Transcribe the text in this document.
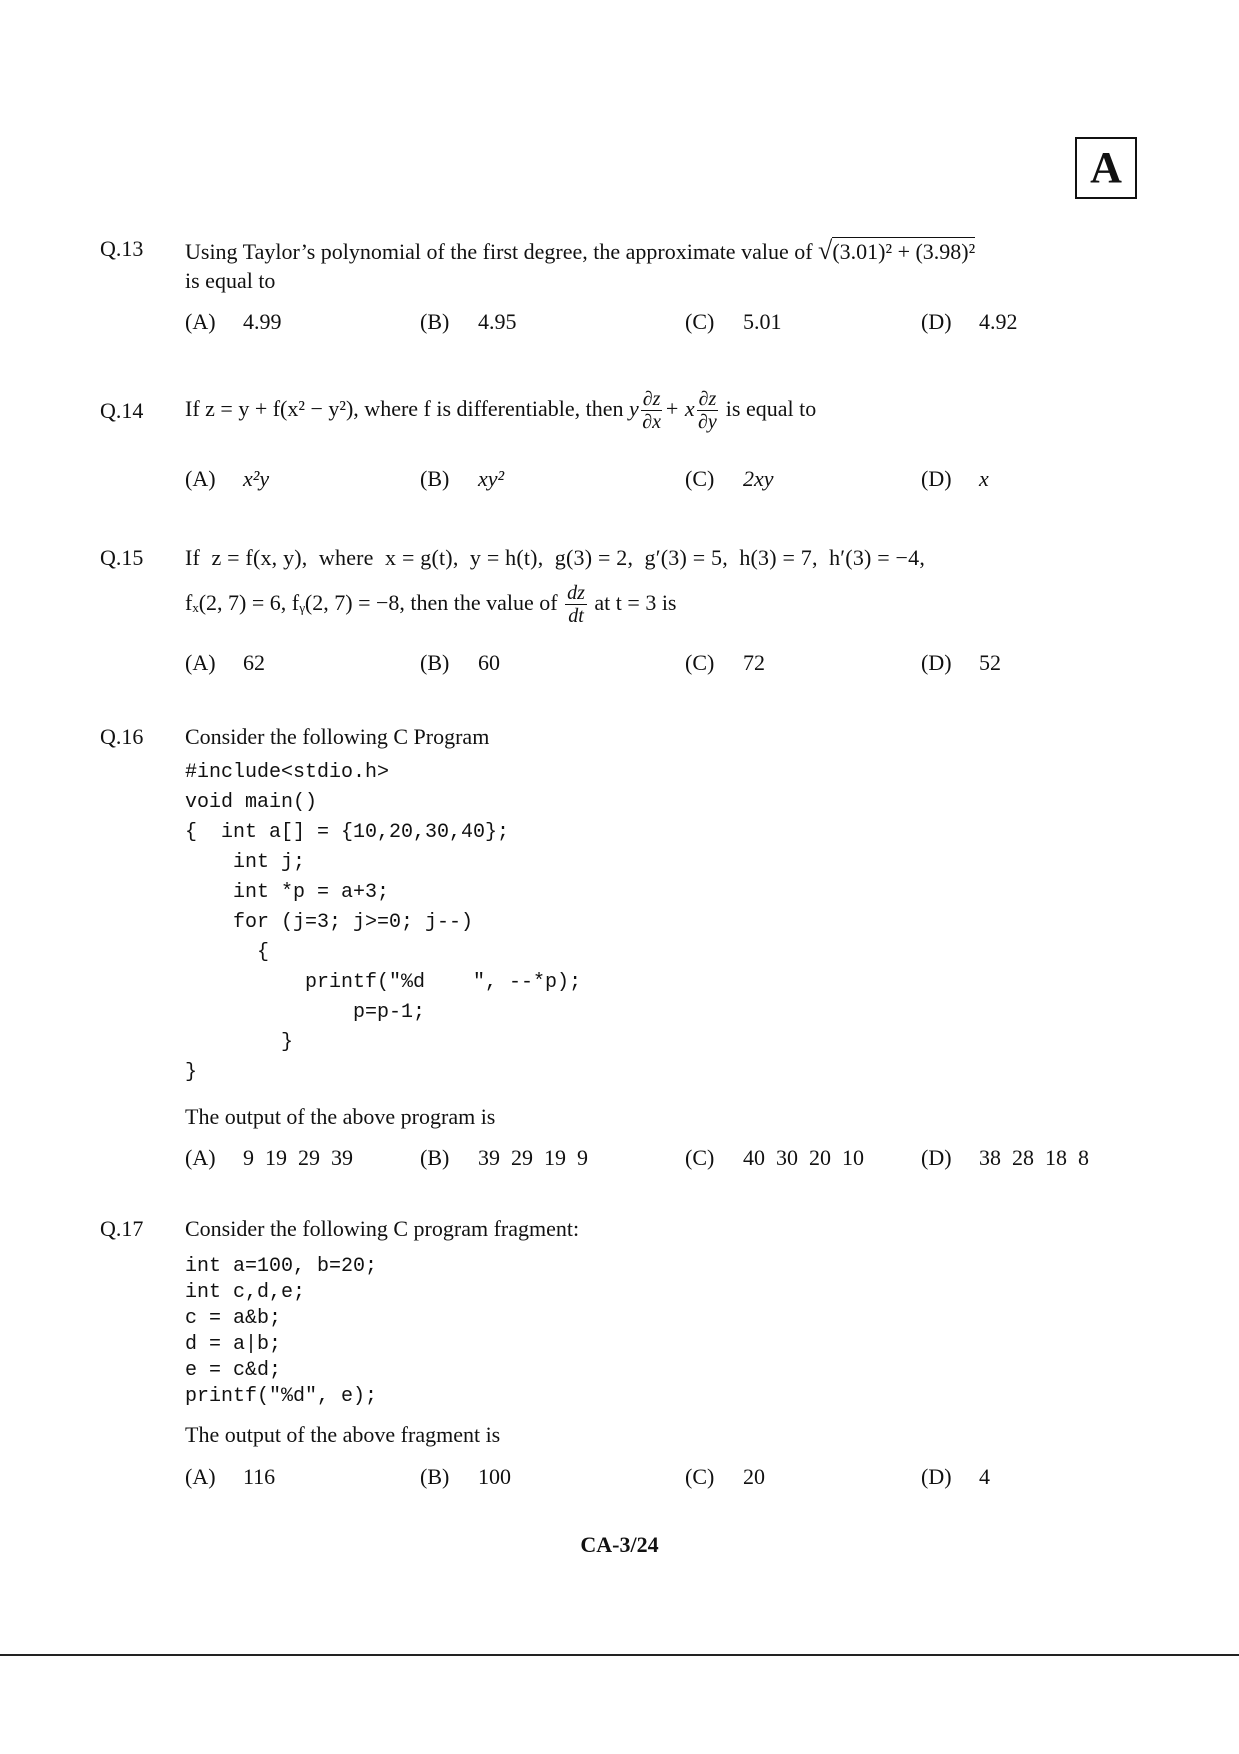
A
Q.13 Using Taylor’s polynomial of the first degree, the approximate value of √(3.01)² + (3.98)²
is equal to
(A) 4.99	(B) 4.95	(C) 5.01	(D) 4.92
Q.14 If z = y + f(x² − y²), where f is differentiable, then y $\frac{\partial z}{\partial x} + x \frac{\partial z}{\partial y}$ is equal to
(A) x²y	(B) xy²	(C) 2xy	(D) x
Q.15 If  z = f(x, y),  where  x = g(t),  y = h(t),  g(3) = 2,  g′(3) = 5,  h(3) = 7,  h′(3) = −4,
fₓ(2, 7) = 6, fᵧ(2, 7) = −8, then the value of $\frac{dz}{dt}$ at t = 3 is
(A) 62	(B) 60	(C) 72	(D) 52
Q.16 Consider the following C Program
#include<stdio.h>
void main()
{  int a[] = {10,20,30,40};
int j;
int *p = a+3;
for (j=3; j>=0; j--)
{
printf("%d    ", --*p);
p=p-1;
}
}
The output of the above program is
(A) 9  19  29  39	(B) 39  29  19  9	(C) 40  30  20  10	(D) 38  28  18  8
Q.17 Consider the following C program fragment:
int a=100, b=20;
int c,d,e;
c = a&b;
d = a|b;
e = c&d;
printf("%d", e);
The output of the above fragment is
(A) 116	(B) 100	(C) 20	(D) 4
CA-3/24
